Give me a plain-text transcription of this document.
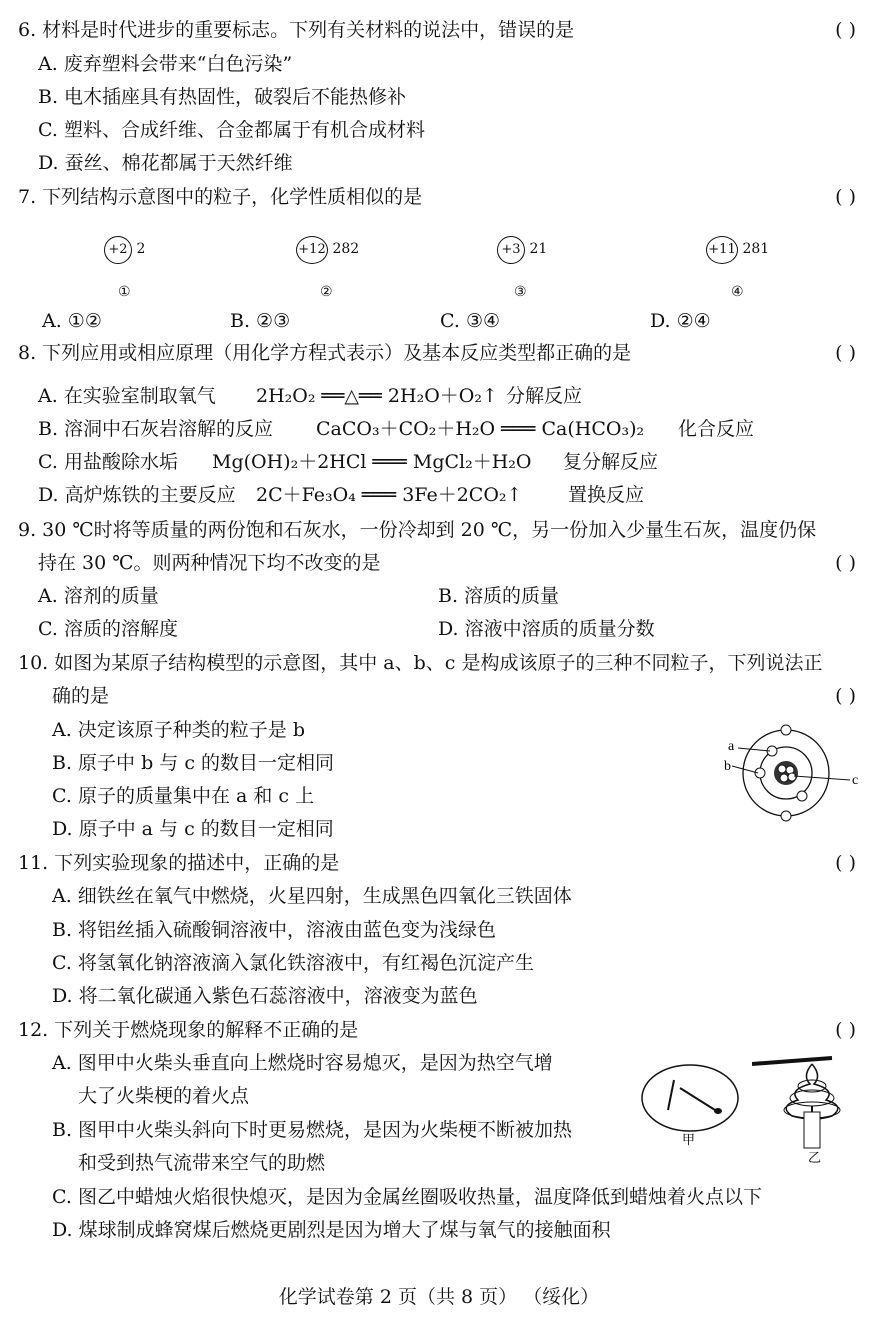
6. 材料是时代进步的重要标志。下列有关材料的说法中，错误的是	( )
A. 废弃塑料会带来“白色污染”
B. 电木插座具有热固性，破裂后不能热修补
C. 塑料、合成纤维、合金都属于有机合成材料
D. 蚕丝、棉花都属于天然纤维
7. 下列结构示意图中的粒子，化学性质相似的是	( )
+2 2
①
+12 282
②
+3 21
③
+11 281
④
A. ①②	B. ②③	C. ③④	D. ②④
8. 下列应用或相应原理（用化学方程式表示）及基本反应类型都正确的是	( )
A. 在实验室制取氧气 2H₂O₂ ══△══ 2H₂O＋O₂↑ 分解反应
B. 溶洞中石灰岩溶解的反应 CaCO₃＋CO₂＋H₂O ═══ Ca(HCO₃)₂ 化合反应
C. 用盐酸除水垢 Mg(OH)₂＋2HCl ═══ MgCl₂＋H₂O 复分解反应
D. 高炉炼铁的主要反应 2C＋Fe₃O₄ ═══ 3Fe＋2CO₂↑ 置换反应
9. 30 ℃时将等质量的两份饱和石灰水，一份冷却到 20 ℃，另一份加入少量生石灰，温度仍保
持在 30 ℃。则两种情况下均不改变的是	( )
A. 溶剂的质量	B. 溶质的质量
C. 溶质的溶解度	D. 溶液中溶质的质量分数
10. 如图为某原子结构模型的示意图，其中 a、b、c 是构成该原子的三种不同粒子，下列说法正
确的是	( )
A. 决定该原子种类的粒子是 b
B. 原子中 b 与 c 的数目一定相同
C. 原子的质量集中在 a 和 c 上
D. 原子中 a 与 c 的数目一定相同
a
b
c
11. 下列实验现象的描述中，正确的是	( )
A. 细铁丝在氧气中燃烧，火星四射，生成黑色四氧化三铁固体
B. 将铝丝插入硫酸铜溶液中，溶液由蓝色变为浅绿色
C. 将氢氧化钠溶液滴入氯化铁溶液中，有红褐色沉淀产生
D. 将二氧化碳通入紫色石蕊溶液中，溶液变为蓝色
12. 下列关于燃烧现象的解释不正确的是	( )
A. 图甲中火柴头垂直向上燃烧时容易熄灭，是因为热空气增
大了火柴梗的着火点
B. 图甲中火柴头斜向下时更易燃烧，是因为火柴梗不断被加热
和受到热气流带来空气的助燃
C. 图乙中蜡烛火焰很快熄灭，是因为金属丝圈吸收热量，温度降低到蜡烛着火点以下
D. 煤球制成蜂窝煤后燃烧更剧烈是因为增大了煤与氧气的接触面积
甲
乙
化学试卷第 2 页（共 8 页） （绥化）
